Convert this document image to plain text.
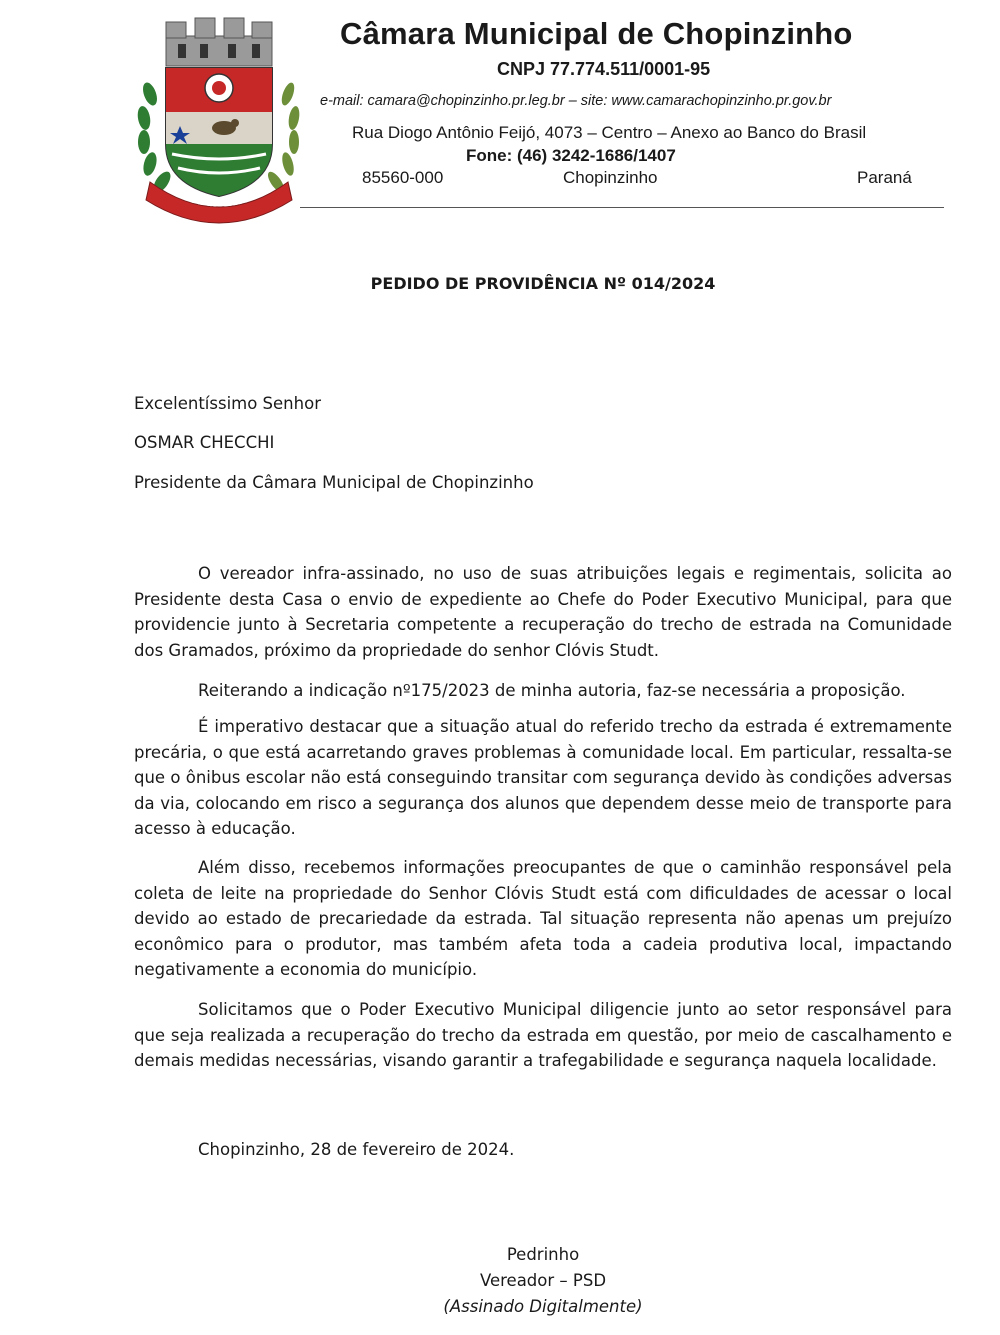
CHOPINZINHO
Câmara Municipal de Chopinzinho
CNPJ 77.774.511/0001-95
e-mail: camara@chopinzinho.pr.leg.br – site: www.camarachopinzinho.pr.gov.br
Rua Diogo Antônio Feijó, 4073 – Centro – Anexo ao Banco do Brasil
Fone: (46) 3242-1686/1407
85560-000	Chopinzinho	Paraná
PEDIDO DE PROVIDÊNCIA Nº 014/2024
Excelentíssimo Senhor
OSMAR CHECCHI
Presidente da Câmara Municipal de Chopinzinho

O vereador infra-assinado, no uso de suas atribuições legais e regimentais, solicita ao Presidente desta Casa o envio de expediente ao Chefe do Poder Executivo Municipal, para que providencie junto à Secretaria competente a recuperação do trecho de estrada na Comunidade dos Gramados, próximo da propriedade do senhor Clóvis Studt.

Reiterando a indicação nº175/2023 de minha autoria, faz-se necessária a proposição.

É imperativo destacar que a situação atual do referido trecho da estrada é extremamente precária, o que está acarretando graves problemas à comunidade local. Em particular, ressalta-se que o ônibus escolar não está conseguindo transitar com segurança devido às condições adversas da via, colocando em risco a segurança dos alunos que dependem desse meio de transporte para acesso à educação.

Além disso, recebemos informações preocupantes de que o caminhão responsável pela coleta de leite na propriedade do Senhor Clóvis Studt está com dificuldades de acessar o local devido ao estado de precariedade da estrada. Tal situação representa não apenas um prejuízo econômico para o produtor, mas também afeta toda a cadeia produtiva local, impactando negativamente a economia do município.

Solicitamos que o Poder Executivo Municipal diligencie junto ao setor responsável para que seja realizada a recuperação do trecho da estrada em questão, por meio de cascalhamento e demais medidas necessárias, visando garantir a trafegabilidade e segurança naquela localidade.

Chopinzinho, 28 de fevereiro de 2024.
Pedrinho
Vereador – PSD
(Assinado Digitalmente)
